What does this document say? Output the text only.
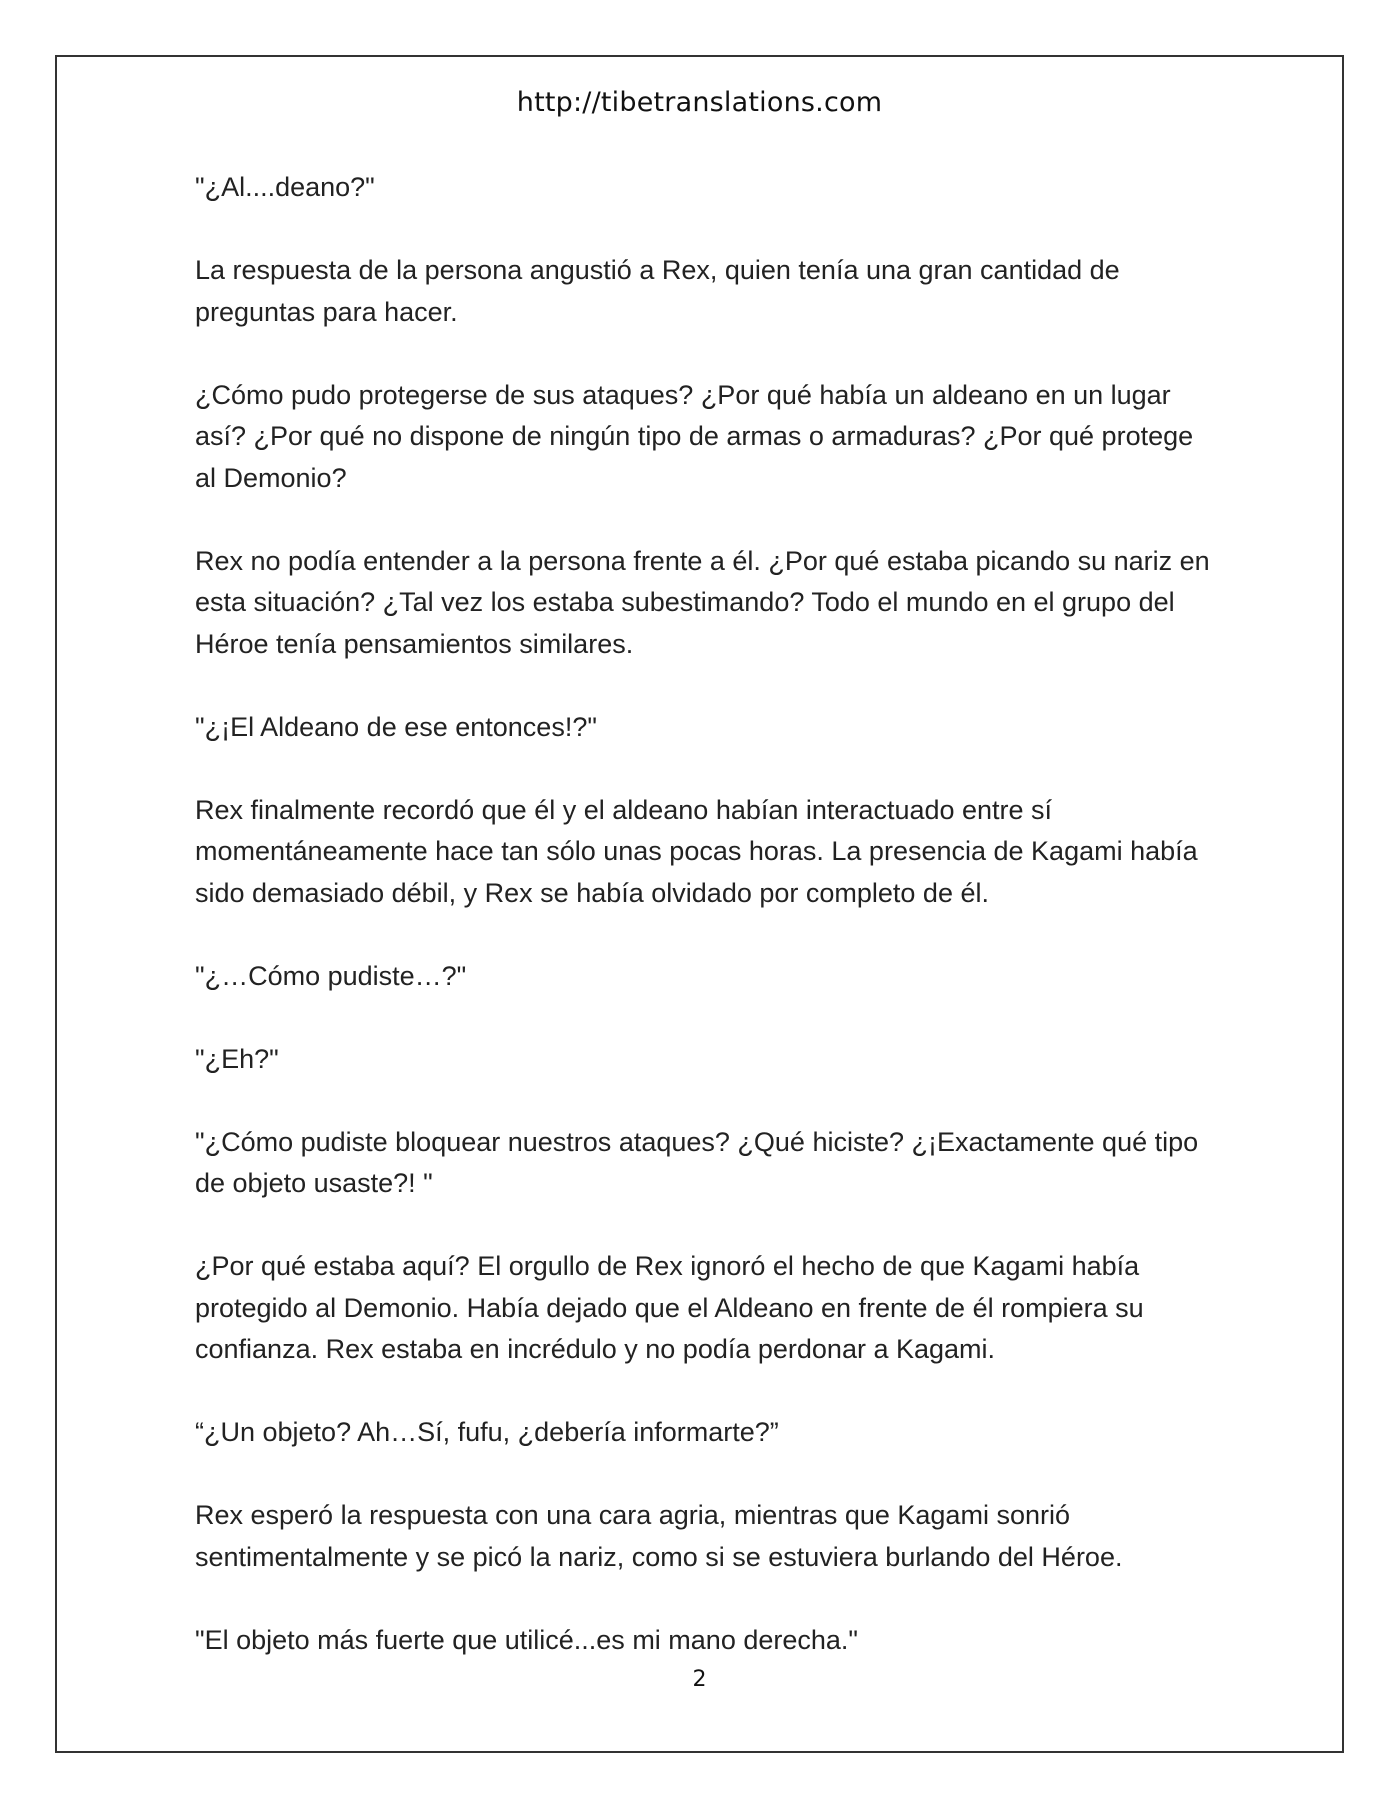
http://tibetranslations.com

"¿Al....deano?"

La respuesta de la persona angustió a Rex, quien tenía una gran cantidad de preguntas para hacer.

¿Cómo pudo protegerse de sus ataques? ¿Por qué había un aldeano en un lugar así? ¿Por qué no dispone de ningún tipo de armas o armaduras? ¿Por qué protege al Demonio?

Rex no podía entender a la persona frente a él. ¿Por qué estaba picando su nariz en esta situación? ¿Tal vez los estaba subestimando? Todo el mundo en el grupo del Héroe tenía pensamientos similares.

"¿¡El Aldeano de ese entonces!?"

Rex finalmente recordó que él y el aldeano habían interactuado entre sí momentáneamente hace tan sólo unas pocas horas. La presencia de Kagami había sido demasiado débil, y Rex se había olvidado por completo de él.

"¿…Cómo pudiste…?"

"¿Eh?"

"¿Cómo pudiste bloquear nuestros ataques? ¿Qué hiciste? ¿¡Exactamente qué tipo de objeto usaste?! "

¿Por qué estaba aquí? El orgullo de Rex ignoró el hecho de que Kagami había protegido al Demonio. Había dejado que el Aldeano en frente de él rompiera su confianza. Rex estaba en incrédulo y no podía perdonar a Kagami.

“¿Un objeto? Ah…Sí, fufu, ¿debería informarte?”

Rex esperó la respuesta con una cara agria, mientras que Kagami sonrió sentimentalmente y se picó la nariz, como si se estuviera burlando del Héroe.

"El objeto más fuerte que utilicé...es mi mano derecha."

2
